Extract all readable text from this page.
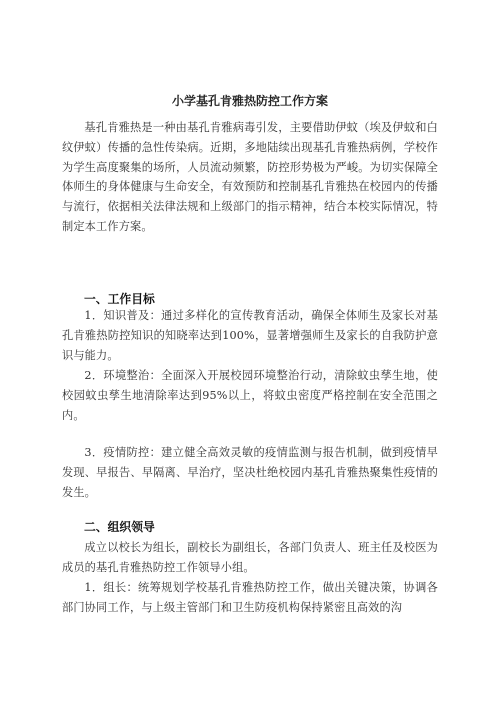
小学基孔肯雅热防控工作方案

基孔肯雅热是一种由基孔肯雅病毒引发，主要借助伊蚊（埃及伊蚊和白纹伊蚊）传播的急性传染病。近期，多地陆续出现基孔肯雅热病例，学校作为学生高度聚集的场所，人员流动频繁，防控形势极为严峻。为切实保障全体师生的身体健康与生命安全，有效预防和控制基孔肯雅热在校园内的传播与流行，依据相关法律法规和上级部门的指示精神，结合本校实际情况，特制定本工作方案。

一、工作目标

1．知识普及：通过多样化的宣传教育活动，确保全体师生及家长对基孔肯雅热防控知识的知晓率达到100%，显著增强师生及家长的自我防护意识与能力。

2．环境整治：全面深入开展校园环境整治行动，清除蚊虫孳生地，使校园蚊虫孳生地清除率达到95%以上，将蚊虫密度严格控制在安全范围之内。

3．疫情防控：建立健全高效灵敏的疫情监测与报告机制，做到疫情早发现、早报告、早隔离、早治疗，坚决杜绝校园内基孔肯雅热聚集性疫情的发生。

二、组织领导

成立以校长为组长，副校长为副组长，各部门负责人、班主任及校医为成员的基孔肯雅热防控工作领导小组。

1．组长：统筹规划学校基孔肯雅热防控工作，做出关键决策，协调各部门协同工作，与上级主管部门和卫生防疫机构保持紧密且高效的沟
